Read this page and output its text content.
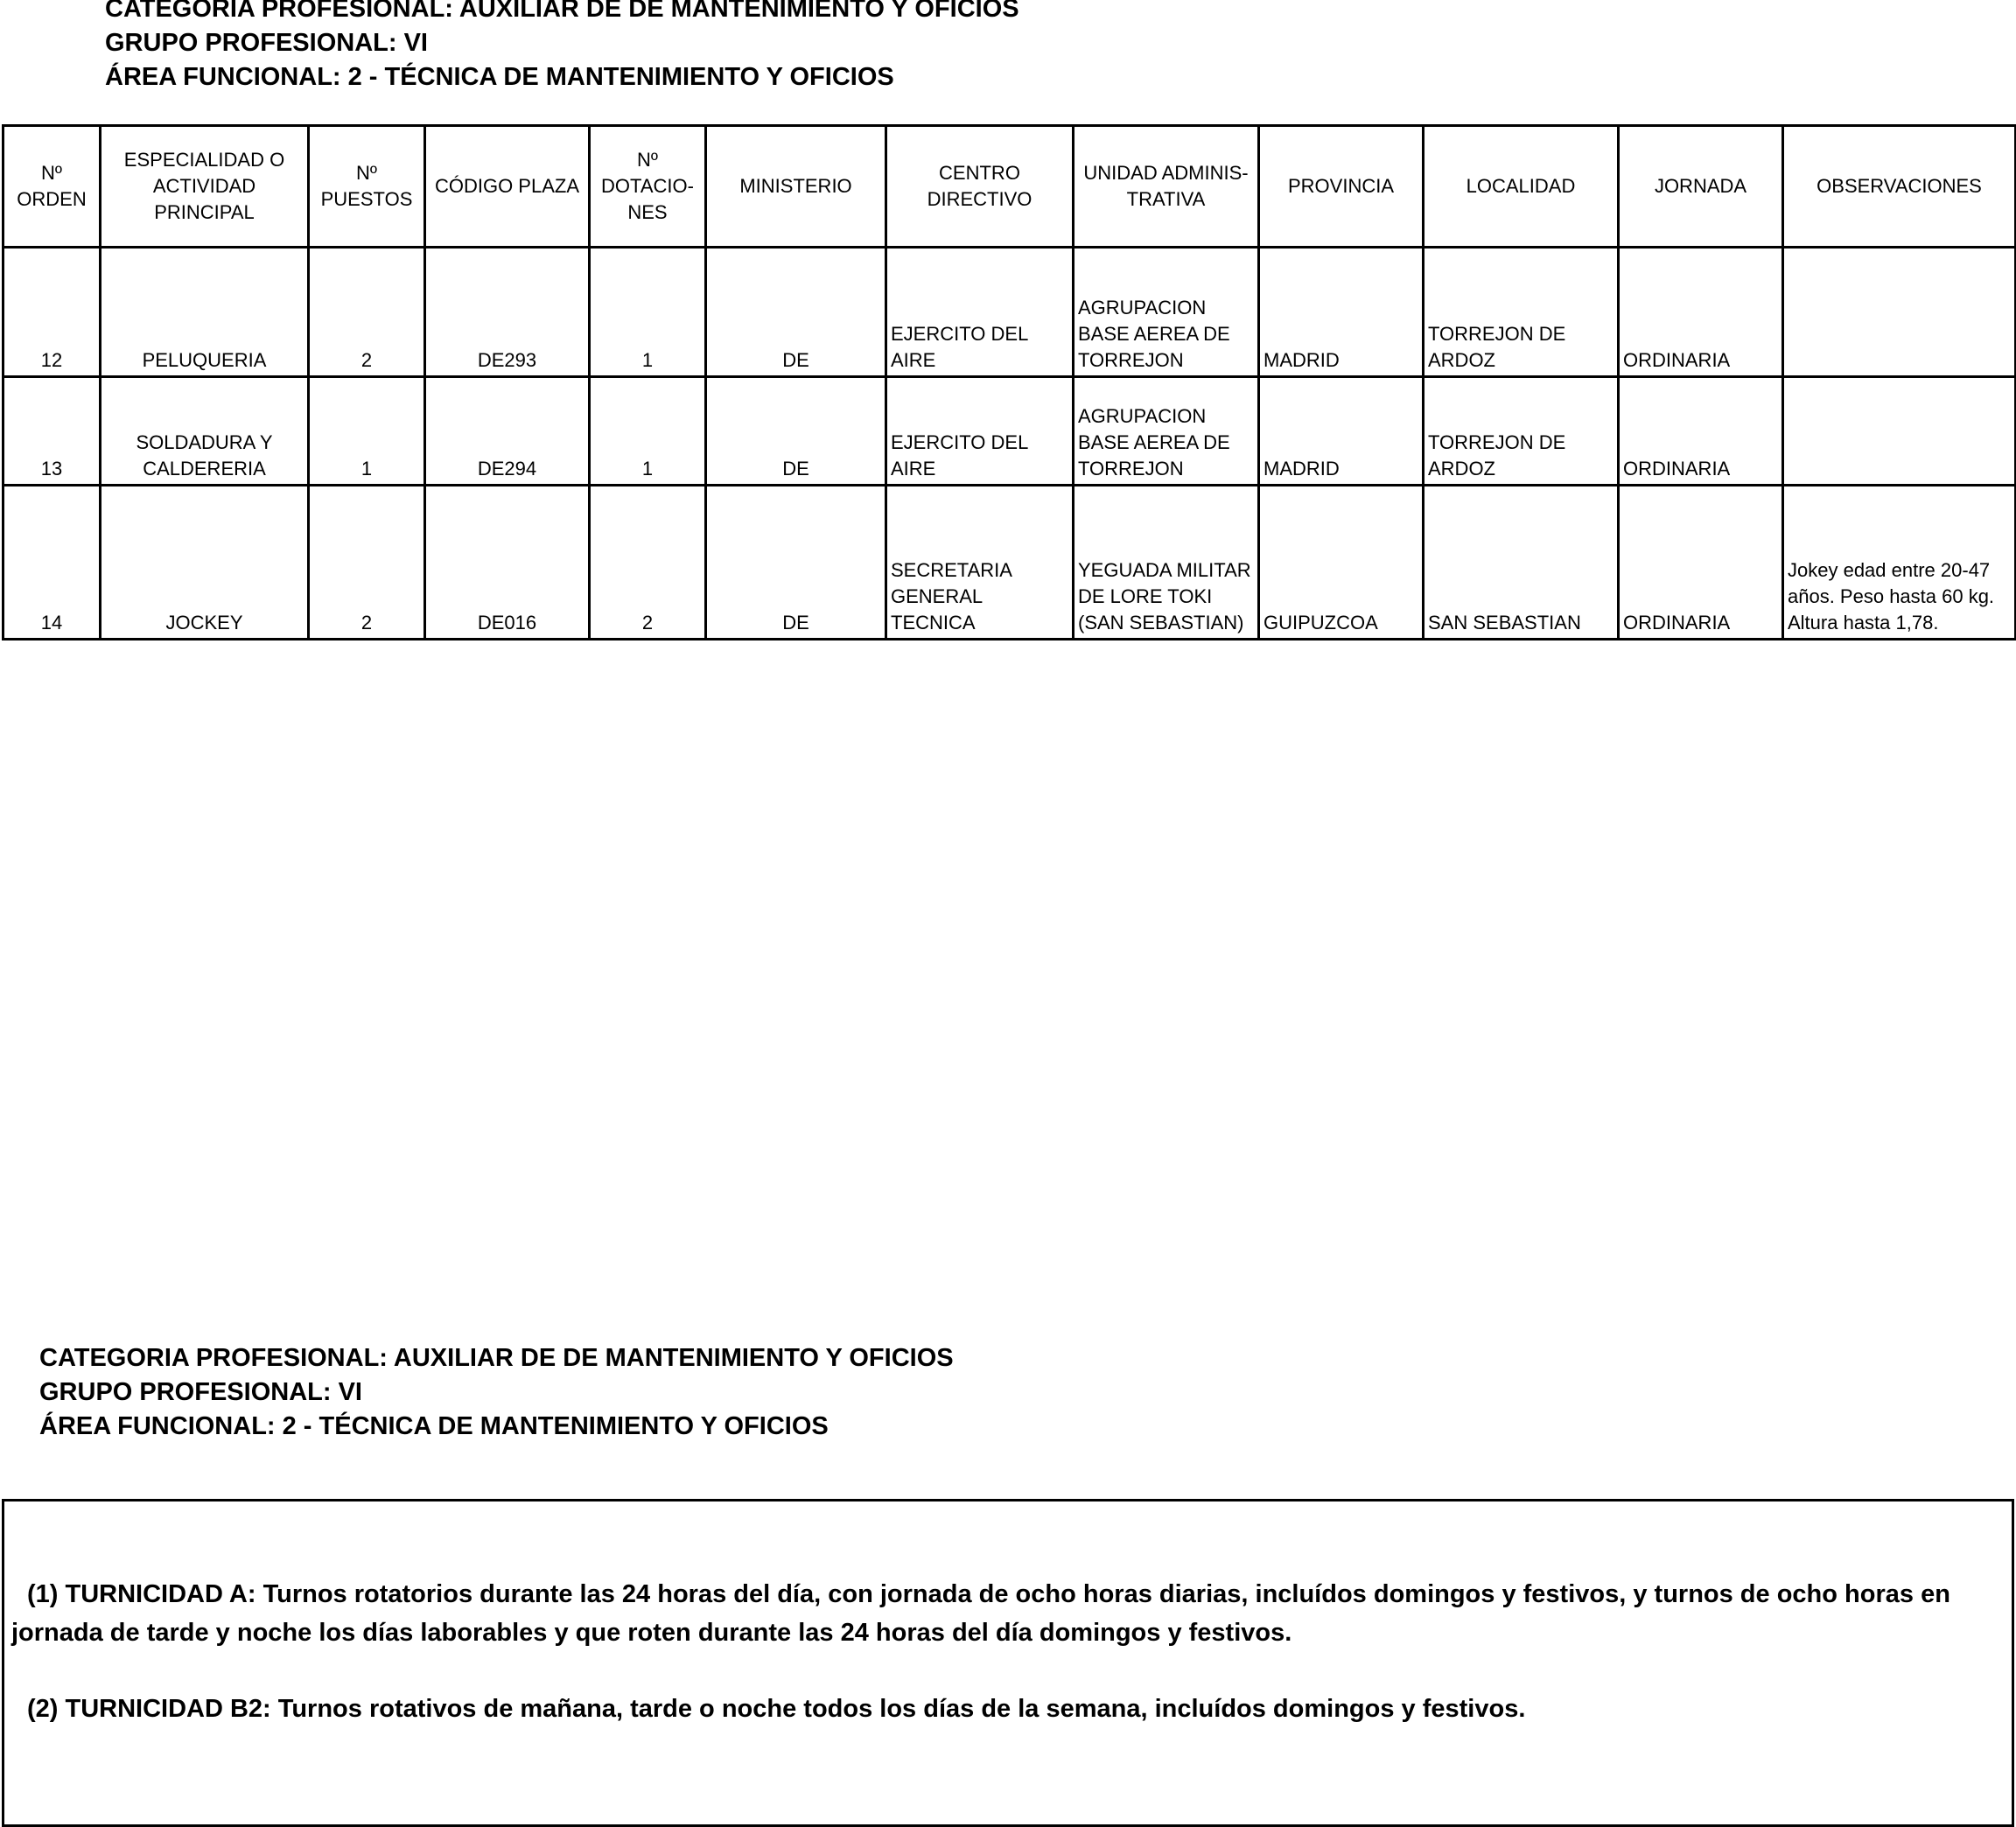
CATEGORIA PROFESIONAL: AUXILIAR DE DE MANTENIMIENTO Y OFICIOS
GRUPO PROFESIONAL: VI
ÁREA FUNCIONAL: 2 - TÉCNICA DE MANTENIMIENTO Y OFICIOS
Nº ORDEN	ESPECIALIDAD O ACTIVIDAD PRINCIPAL	Nº PUESTOS	CÓDIGO PLAZA	Nº DOTACIO-NES	MINISTERIO	CENTRO DIRECTIVO	UNIDAD ADMINIS-TRATIVA	PROVINCIA	LOCALIDAD	JORNADA	OBSERVACIONES
12	PELUQUERIA	2	DE293	1	DE	EJERCITO DEL AIRE	AGRUPACION BASE AEREA DE TORREJON	MADRID	TORREJON DE ARDOZ	ORDINARIA	
13	SOLDADURA Y CALDERERIA	1	DE294	1	DE	EJERCITO DEL AIRE	AGRUPACION BASE AEREA DE TORREJON	MADRID	TORREJON DE ARDOZ	ORDINARIA	
14	JOCKEY	2	DE016	2	DE	SECRETARIA GENERAL TECNICA	YEGUADA MILITAR DE LORE TOKI (SAN SEBASTIAN)	GUIPUZCOA	SAN SEBASTIAN	ORDINARIA	Jokey edad entre 20-47 años. Peso hasta 60 kg. Altura hasta 1,78.
CATEGORIA PROFESIONAL: AUXILIAR DE DE MANTENIMIENTO Y OFICIOS
GRUPO PROFESIONAL: VI
ÁREA FUNCIONAL: 2 - TÉCNICA DE MANTENIMIENTO Y OFICIOS
(1) TURNICIDAD A: Turnos rotatorios durante las 24 horas del día, con jornada de ocho horas diarias, incluídos domingos y festivos, y turnos de ocho horas en jornada de tarde y noche los días laborables y que roten durante las 24 horas del día domingos y festivos.
(2) TURNICIDAD B2: Turnos rotativos de mañana, tarde o noche todos los días de la semana, incluídos domingos y festivos.
